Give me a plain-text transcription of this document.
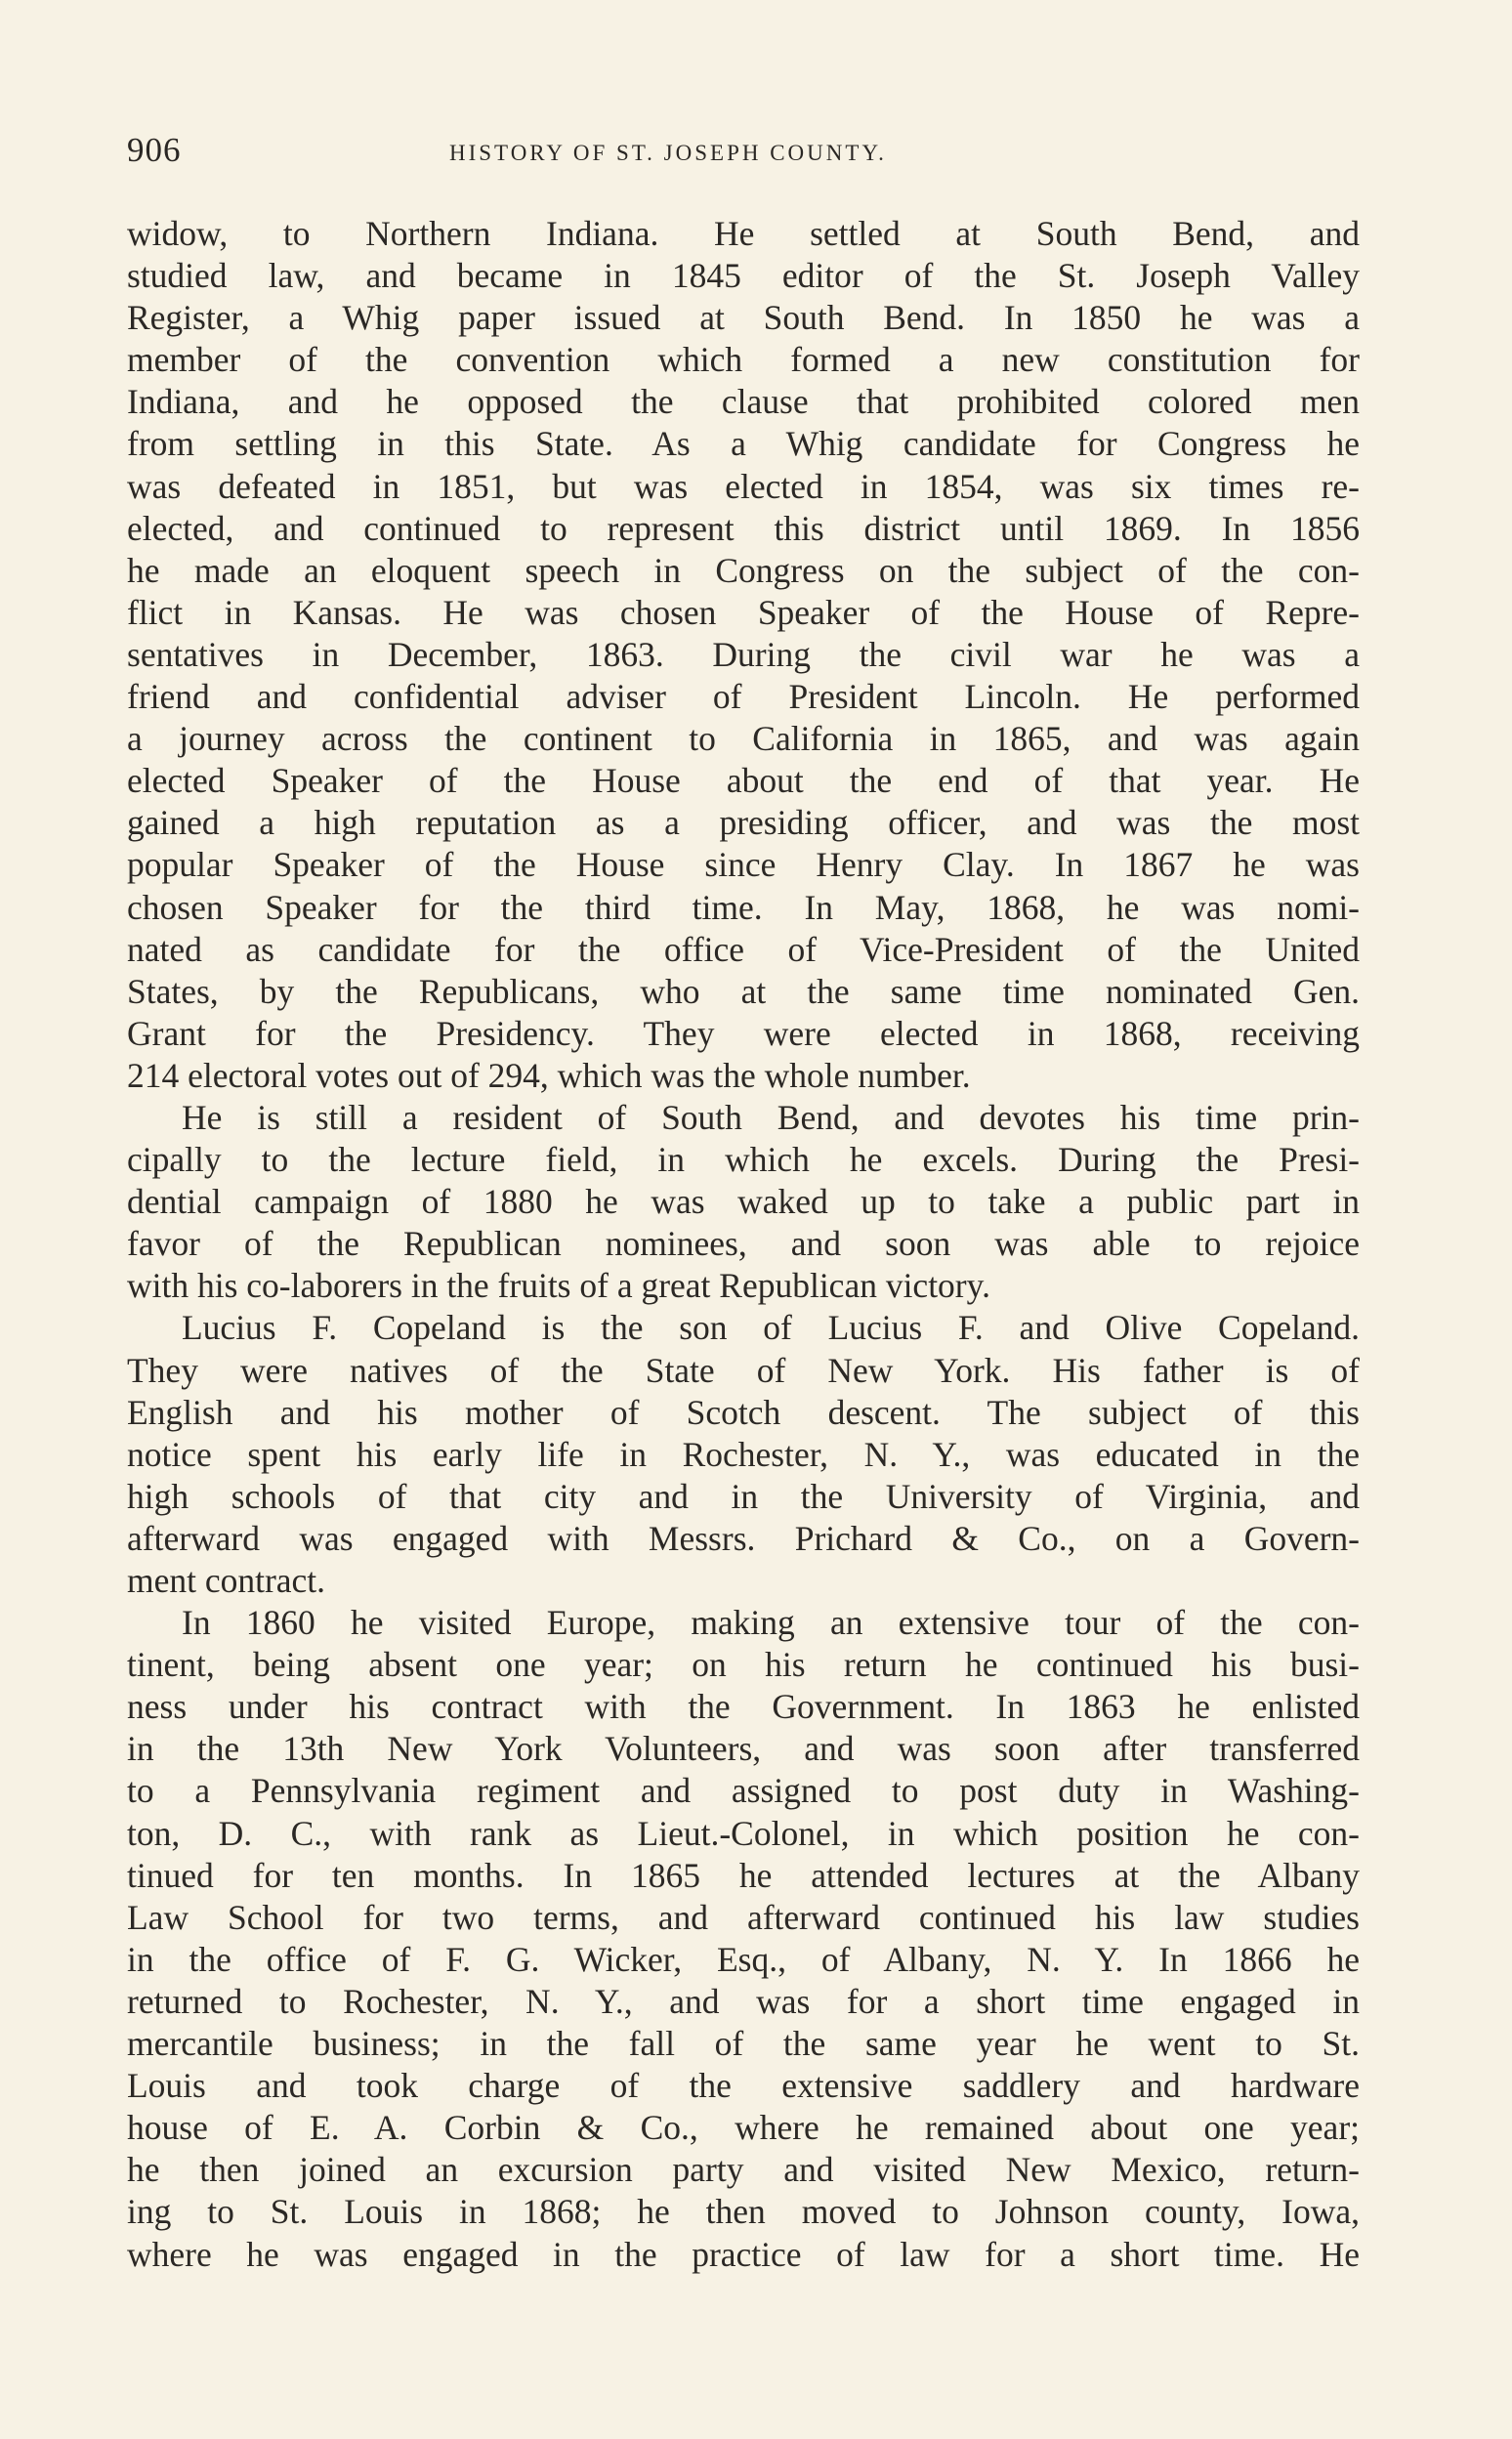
906	HISTORY OF ST. JOSEPH COUNTY.
widow, to Northern Indiana. He settled at South Bend, and
studied law, and became in 1845 editor of the St. Joseph Valley
Register, a Whig paper issued at South Bend. In 1850 he was a
member of the convention which formed a new constitution for
Indiana, and he opposed the clause that prohibited colored men
from settling in this State. As a Whig candidate for Congress he
was defeated in 1851, but was elected in 1854, was six times re-
elected, and continued to represent this district until 1869. In 1856
he made an eloquent speech in Congress on the subject of the con-
flict in Kansas. He was chosen Speaker of the House of Repre-
sentatives in December, 1863. During the civil war he was a
friend and confidential adviser of President Lincoln. He performed
a journey across the continent to California in 1865, and was again
elected Speaker of the House about the end of that year. He
gained a high reputation as a presiding officer, and was the most
popular Speaker of the House since Henry Clay. In 1867 he was
chosen Speaker for the third time. In May, 1868, he was nomi-
nated as candidate for the office of Vice-President of the United
States, by the Republicans, who at the same time nominated Gen.
Grant for the Presidency. They were elected in 1868, receiving
214 electoral votes out of 294, which was the whole number.
He is still a resident of South Bend, and devotes his time prin-
cipally to the lecture field, in which he excels. During the Presi-
dential campaign of 1880 he was waked up to take a public part in
favor of the Republican nominees, and soon was able to rejoice
with his co-laborers in the fruits of a great Republican victory.
Lucius F. Copeland is the son of Lucius F. and Olive Copeland.
They were natives of the State of New York. His father is of
English and his mother of Scotch descent. The subject of this
notice spent his early life in Rochester, N. Y., was educated in the
high schools of that city and in the University of Virginia, and
afterward was engaged with Messrs. Prichard & Co., on a Govern-
ment contract.
In 1860 he visited Europe, making an extensive tour of the con-
tinent, being absent one year; on his return he continued his busi-
ness under his contract with the Government. In 1863 he enlisted
in the 13th New York Volunteers, and was soon after transferred
to a Pennsylvania regiment and assigned to post duty in Washing-
ton, D. C., with rank as Lieut.-Colonel, in which position he con-
tinued for ten months. In 1865 he attended lectures at the Albany
Law School for two terms, and afterward continued his law studies
in the office of F. G. Wicker, Esq., of Albany, N. Y. In 1866 he
returned to Rochester, N. Y., and was for a short time engaged in
mercantile business; in the fall of the same year he went to St.
Louis and took charge of the extensive saddlery and hardware
house of E. A. Corbin & Co., where he remained about one year;
he then joined an excursion party and visited New Mexico, return-
ing to St. Louis in 1868; he then moved to Johnson county, Iowa,
where he was engaged in the practice of law for a short time. He
